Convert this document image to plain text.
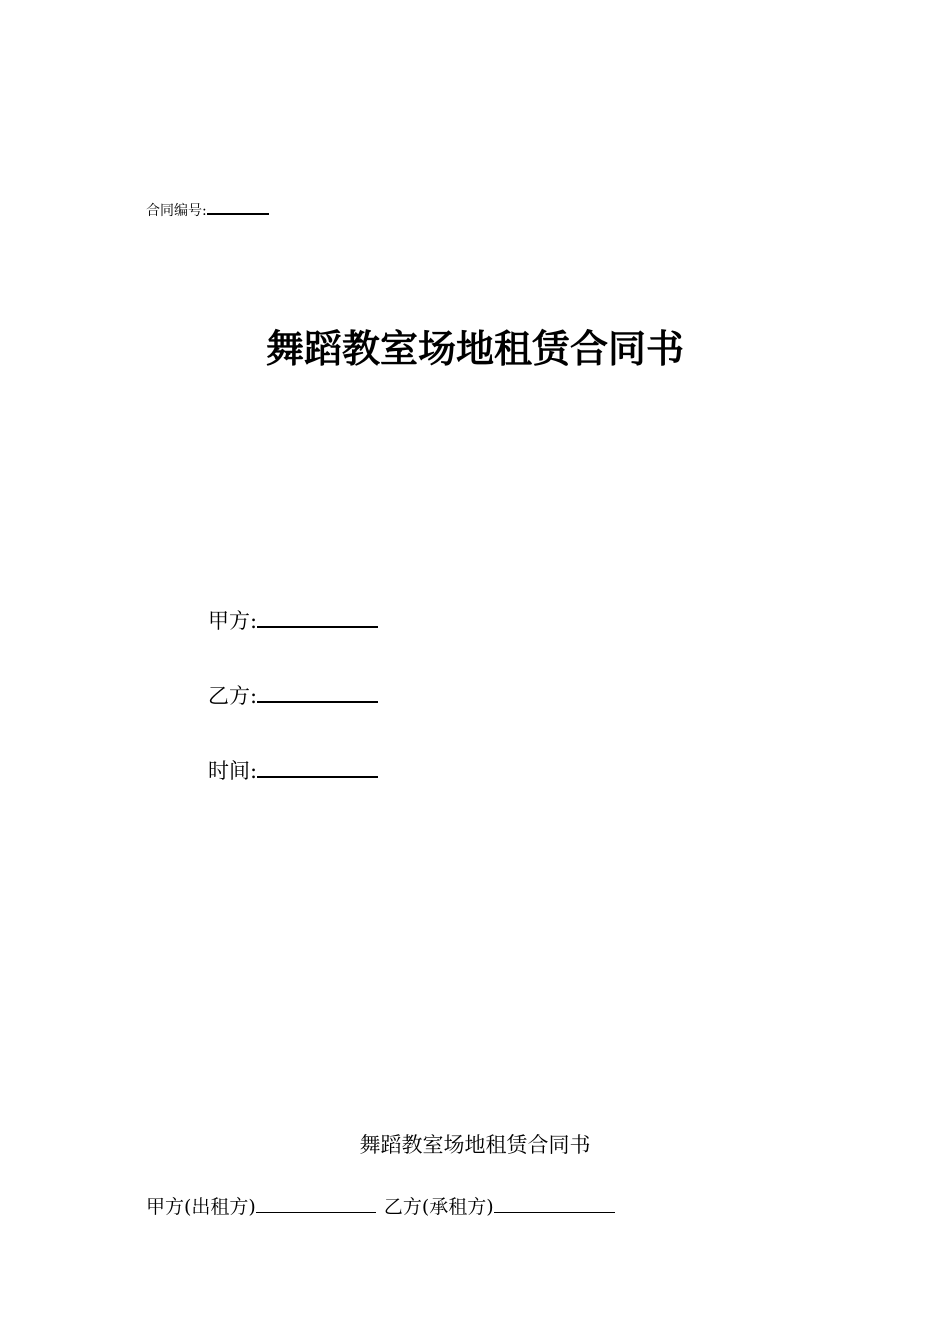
合同编号:
舞蹈教室场地租赁合同书
甲方:
乙方:
时间:
舞蹈教室场地租赁合同书
甲方(出租方)	乙方(承租方)
